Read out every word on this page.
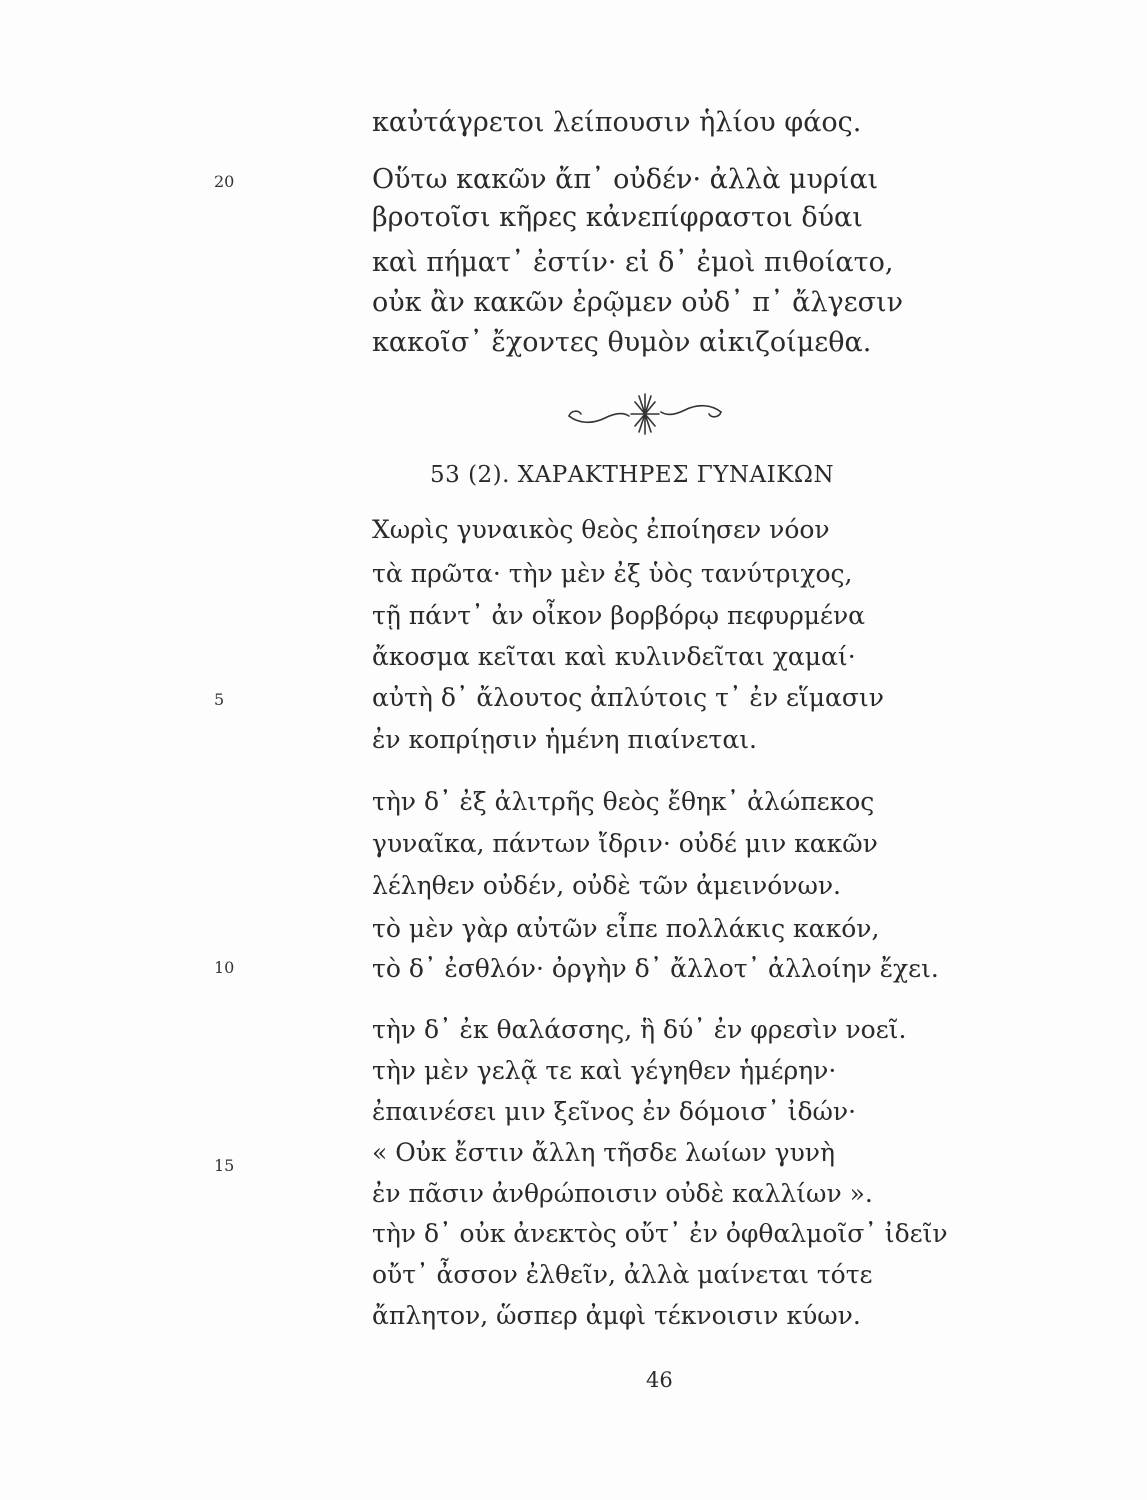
καὐτάγρετοι λείπουσιν ἡλίου φάος.
20	Οὕτω κακῶν ἄπ᾽ οὐδέν· ἀλλὰ μυρίαι
βροτοῖσι κῆρες κἀνεπίφραστοι δύαι
καὶ πήματ᾽ ἐστίν· εἰ δ᾽ ἐμοὶ πιθοίατο,
οὐκ ἂν κακῶν ἐρῷμεν οὐδ᾽ π᾽ ἄλγεσιν
κακοῖσ᾽ ἔχοντες θυμὸν αἰκιζοίμεθα.
53 (2). ΧΑΡΑΚΤΗΡΕΣ ΓΥΝΑΙΚΩΝ
Χωρὶς γυναικὸς θεὸς ἐποίησεν νόον
τὰ πρῶτα· τὴν μὲν ἐξ ὑὸς τανύτριχος,
τῇ πάντ᾽ ἀν οἶκον βορβόρῳ πεφυρμένα
ἄκοσμα κεῖται καὶ κυλινδεῖται χαμαί·
5	αὐτὴ δ᾽ ἄλουτος ἀπλύτοις τ᾽ ἐν εἵμασιν
ἐν κοπρίῃσιν ἡμένη πιαίνεται.
τὴν δ᾽ ἐξ ἀλιτρῆς θεὸς ἔθηκ᾽ ἀλώπεκος
γυναῖκα, πάντων ἴδριν· οὐδέ μιν κακῶν
λέληθεν οὐδέν, οὐδὲ τῶν ἀμεινόνων.
τὸ μὲν γὰρ αὐτῶν εἶπε πολλάκις κακόν,
10	τὸ δ᾽ ἐσθλόν· ὀργὴν δ᾽ ἄλλοτ᾽ ἀλλοίην ἔχει.
τὴν δ᾽ ἐκ θαλάσσης, ἣ δύ᾽ ἐν φρεσὶν νοεῖ.
τὴν μὲν γελᾷ τε καὶ γέγηθεν ἡμέρην·
ἐπαινέσει μιν ξεῖνος ἐν δόμοισ᾽ ἰδών·
15	« Οὐκ ἔστιν ἄλλη τῆσδε λωίων γυνὴ
ἐν πᾶσιν ἀνθρώποισιν οὐδὲ καλλίων ».
τὴν δ᾽ οὐκ ἀνεκτὸς οὔτ᾽ ἐν ὀφθαλμοῖσ᾽ ἰδεῖν
οὔτ᾽ ἆσσον ἐλθεῖν, ἀλλὰ μαίνεται τότε
ἄπλητον, ὥσπερ ἀμφὶ τέκνοισιν κύων.
46
